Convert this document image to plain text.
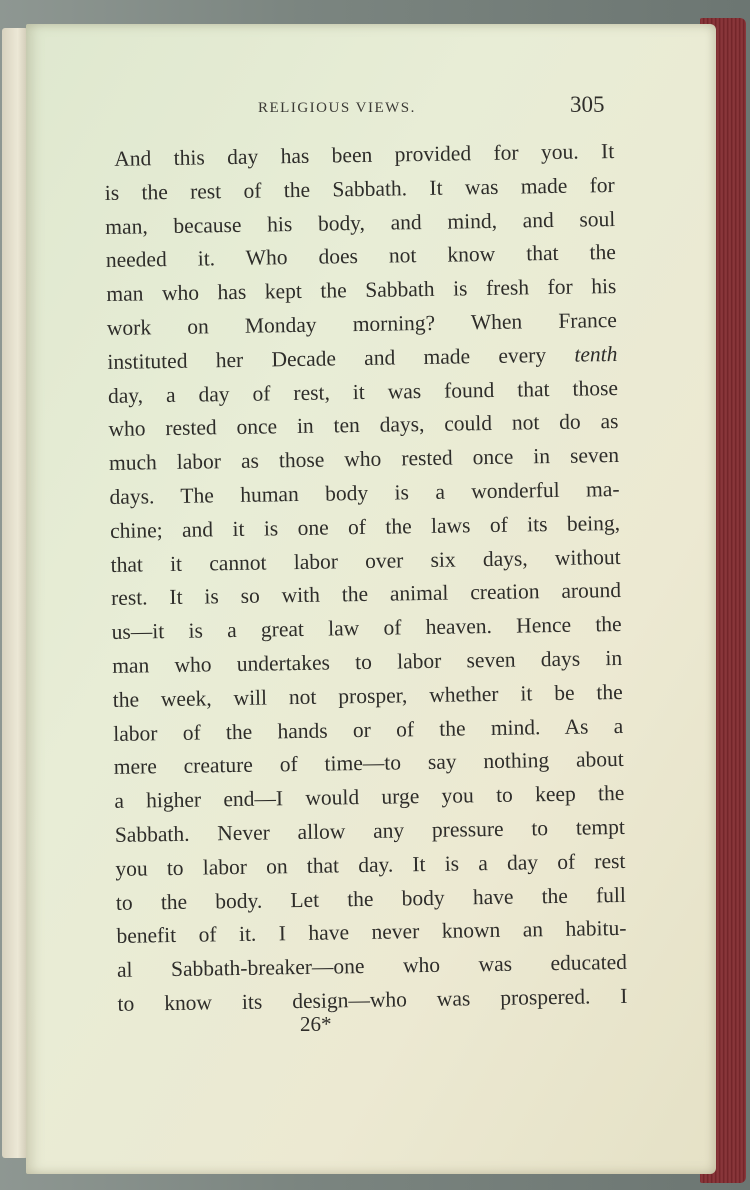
RELIGIOUS VIEWS.	305
And this day has been provided for you. It
is the rest of the Sabbath. It was made for
man, because his body, and mind, and soul
needed it. Who does not know that the
man who has kept the Sabbath is fresh for his
work on Monday morning? When France
instituted her Decade and made every tenth
day, a day of rest, it was found that those
who rested once in ten days, could not do as
much labor as those who rested once in seven
days. The human body is a wonderful ma-
chine; and it is one of the laws of its being,
that it cannot labor over six days, without
rest. It is so with the animal creation around
us—it is a great law of heaven. Hence the
man who undertakes to labor seven days in
the week, will not prosper, whether it be the
labor of the hands or of the mind. As a
mere creature of time—to say nothing about
a higher end—I would urge you to keep the
Sabbath. Never allow any pressure to tempt
you to labor on that day. It is a day of rest
to the body. Let the body have the full
benefit of it. I have never known an habitu-
al Sabbath-breaker—one who was educated
to know its design—who was prospered. I
26*
